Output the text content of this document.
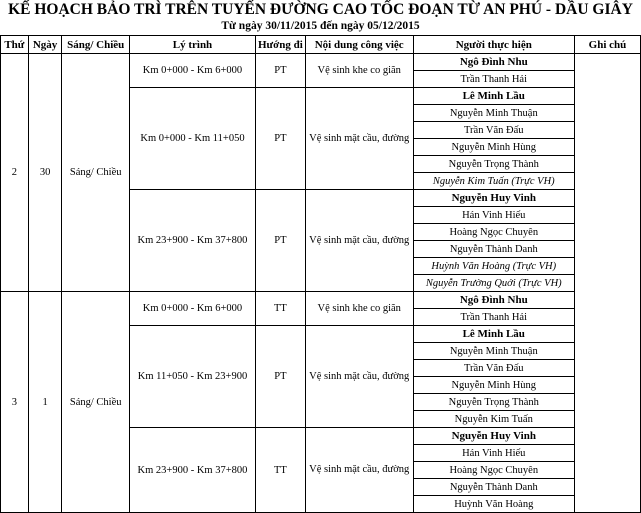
KẾ HOẠCH BẢO TRÌ TRÊN TUYẾN ĐƯỜNG CAO TỐC ĐOẠN TỪ AN PHÚ - DẦU GIÂY
Từ ngày 30/11/2015 đến ngày 05/12/2015
Thứ	Ngày	Sáng/ Chiều	Lý trình	Hướng đi	Nội dung công việc	Người thực hiện	Ghi chú
2	30	Sáng/ Chiều	Km 0+000 - Km 6+000	PT	Vệ sinh khe co giãn	Ngô Đình Nhu	
						Trần Thanh Hải	
			Km 0+000 - Km 11+050	PT	Vệ sinh mặt cầu, đường	Lê Minh Lầu	
						Nguyễn Minh Thuận	
						Trần Văn Đấu	
						Nguyễn Minh Hùng	
						Nguyễn Trọng Thành	
						Nguyễn Kim Tuấn (Trực VH)	
			Km 23+900 - Km 37+800	PT	Vệ sinh mặt cầu, đường	Nguyễn Huy Vinh	
						Hán Vinh Hiếu	
						Hoàng Ngọc Chuyên	
						Nguyễn Thành Danh	
						Huỳnh Văn Hoàng (Trực VH)	
						Nguyễn Trường Quới (Trực VH)	
3	1	Sáng/ Chiều	Km 0+000 - Km 6+000	TT	Vệ sinh khe co giãn	Ngô Đình Nhu	
						Trần Thanh Hải	
			Km 11+050 - Km 23+900	PT	Vệ sinh mặt cầu, đường	Lê Minh Lầu	
						Nguyễn Minh Thuận	
						Trần Văn Đấu	
						Nguyễn Minh Hùng	
						Nguyễn Trọng Thành	
						Nguyễn Kim Tuấn	
			Km 23+900 - Km 37+800	TT	Vệ sinh mặt cầu, đường	Nguyễn Huy Vinh	
						Hán Vinh Hiếu	
						Hoàng Ngọc Chuyên	
						Nguyễn Thành Danh	
						Huỳnh Văn Hoàng	
